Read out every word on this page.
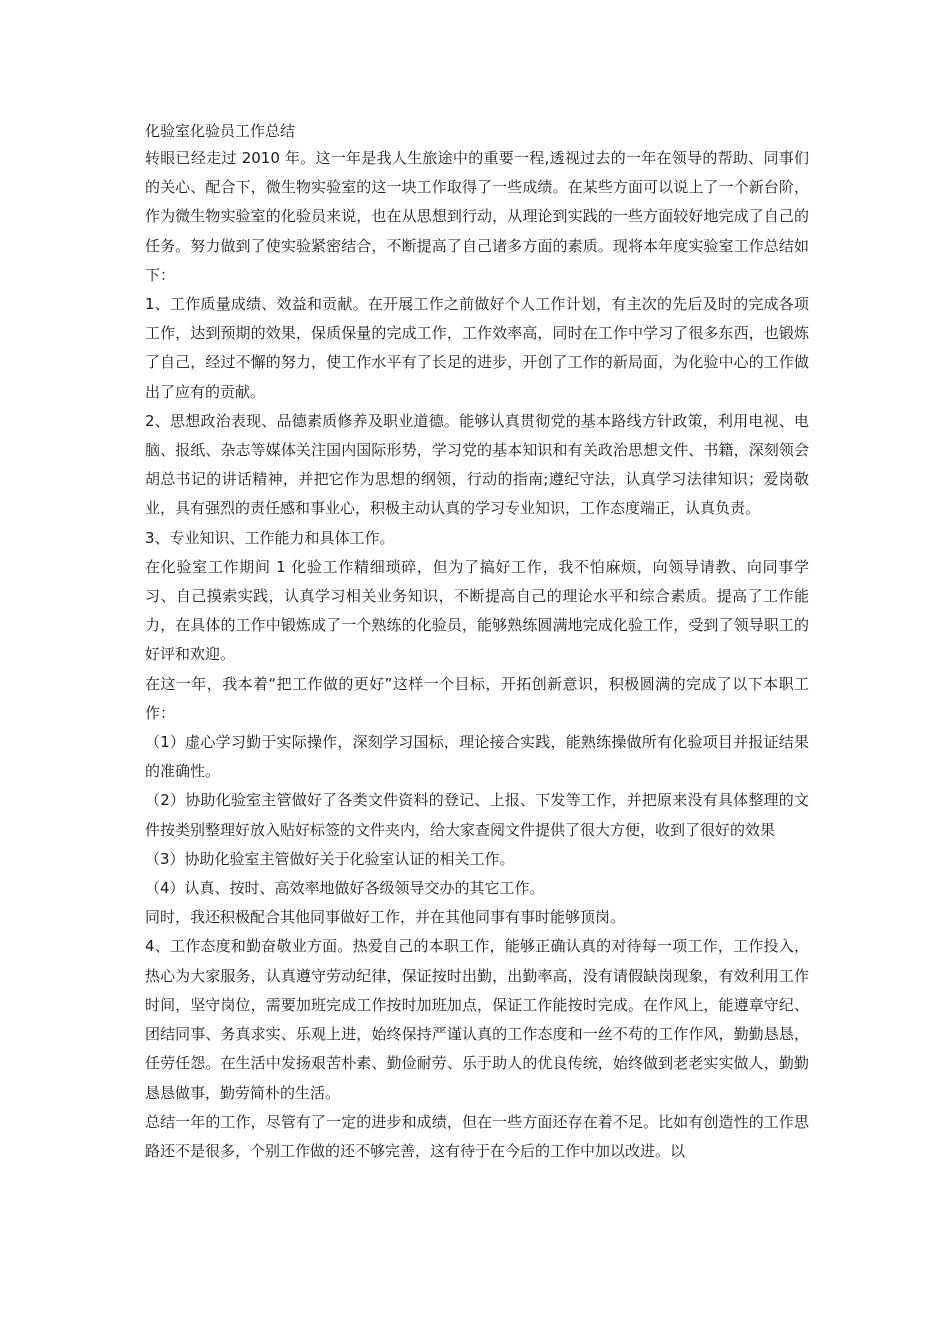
化验室化验员工作总结

转眼已经走过 2010 年。这一年是我人生旅途中的重要一程,透视过去的一年在领导的帮助、同事们的关心、配合下，微生物实验室的这一块工作取得了一些成绩。在某些方面可以说上了一个新台阶，作为微生物实验室的化验员来说，也在从思想到行动，从理论到实践的一些方面较好地完成了自己的任务。努力做到了使实验紧密结合，不断提高了自己诸多方面的素质。现将本年度实验室工作总结如下：

1、工作质量成绩、效益和贡献。在开展工作之前做好个人工作计划，有主次的先后及时的完成各项工作，达到预期的效果，保质保量的完成工作，工作效率高，同时在工作中学习了很多东西，也锻炼了自己，经过不懈的努力，使工作水平有了长足的进步，开创了工作的新局面，为化验中心的工作做出了应有的贡献。

2、思想政治表现、品德素质修养及职业道德。能够认真贯彻党的基本路线方针政策，利用电视、电脑、报纸、杂志等媒体关注国内国际形势，学习党的基本知识和有关政治思想文件、书籍，深刻领会胡总书记的讲话精神，并把它作为思想的纲领，行动的指南;遵纪守法，认真学习法律知识；爱岗敬业，具有强烈的责任感和事业心，积极主动认真的学习专业知识，工作态度端正，认真负责。

3、专业知识、工作能力和具体工作。

在化验室工作期间 1 化验工作精细琐碎，但为了搞好工作，我不怕麻烦，向领导请教、向同事学习、自己摸索实践，认真学习相关业务知识，不断提高自己的理论水平和综合素质。提高了工作能力，在具体的工作中锻炼成了一个熟练的化验员，能够熟练圆满地完成化验工作，受到了领导职工的好评和欢迎。

在这一年，我本着“把工作做的更好”这样一个目标，开拓创新意识，积极圆满的完成了以下本职工作：

（1）虚心学习勤于实际操作，深刻学习国标，理论接合实践，能熟练操做所有化验项目并报证结果的准确性。

（2）协助化验室主管做好了各类文件资料的登记、上报、下发等工作，并把原来没有具体整理的文件按类别整理好放入贴好标签的文件夹内，给大家查阅文件提供了很大方便，收到了很好的效果

（3）协助化验室主管做好关于化验室认证的相关工作。

（4）认真、按时、高效率地做好各级领导交办的其它工作。

同时，我还积极配合其他同事做好工作，并在其他同事有事时能够顶岗。

4、工作态度和勤奋敬业方面。热爱自己的本职工作，能够正确认真的对待每一项工作，工作投入，热心为大家服务，认真遵守劳动纪律，保证按时出勤，出勤率高，没有请假缺岗现象，有效利用工作时间，坚守岗位，需要加班完成工作按时加班加点，保证工作能按时完成。在作风上，能遵章守纪、团结同事、务真求实、乐观上进，始终保持严谨认真的工作态度和一丝不苟的工作作风，勤勤恳恳，任劳任怨。在生活中发扬艰苦朴素、勤俭耐劳、乐于助人的优良传统，始终做到老老实实做人，勤勤恳恳做事，勤劳简朴的生活。

总结一年的工作，尽管有了一定的进步和成绩，但在一些方面还存在着不足。比如有创造性的工作思路还不是很多，个别工作做的还不够完善，这有待于在今后的工作中加以改进。以
